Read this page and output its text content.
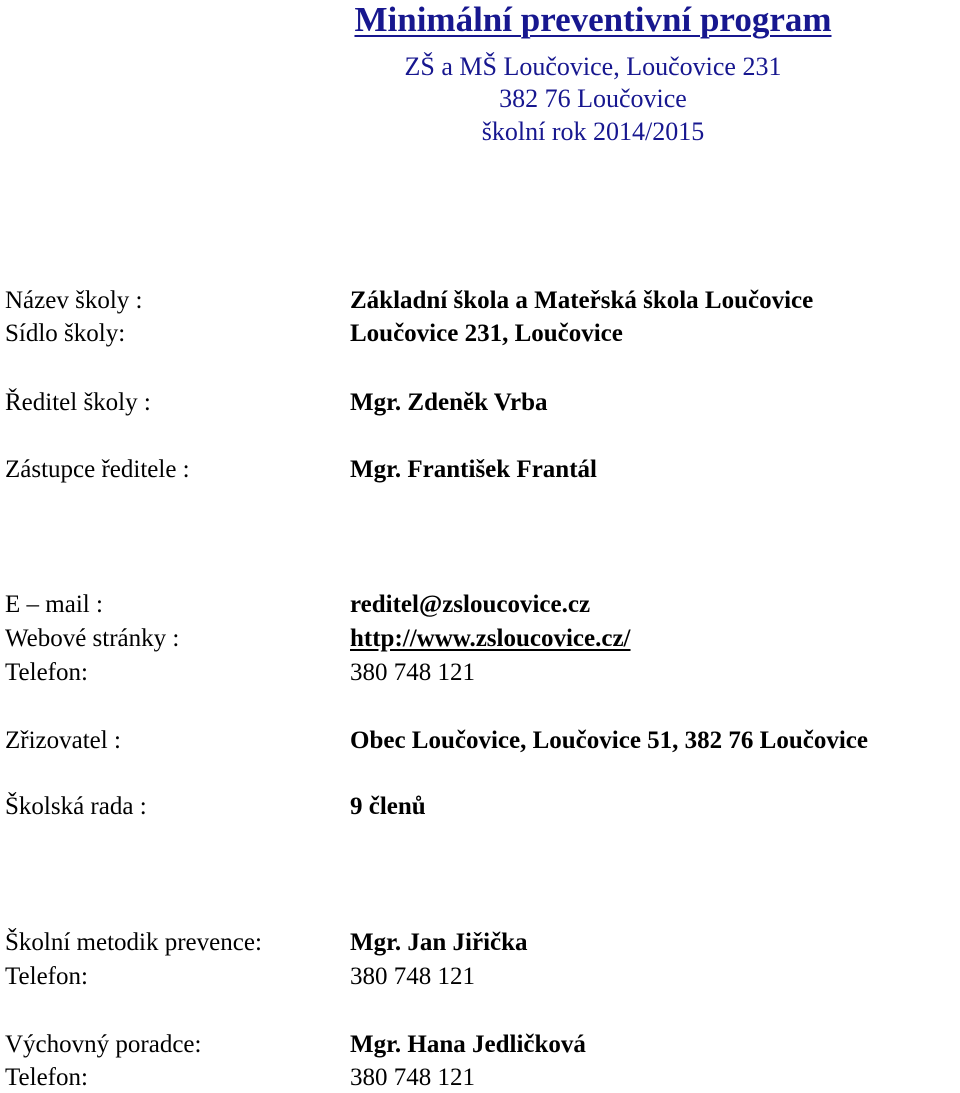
Minimální preventivní program
ZŠ a MŠ Loučovice, Loučovice 231
382 76 Loučovice
školní rok 2014/2015
Název školy :	Základní škola a Mateřská škola Loučovice
Sídlo školy:	Loučovice 231, Loučovice
Ředitel školy :	Mgr. Zdeněk Vrba
Zástupce ředitele :	Mgr. František Frantál
E – mail :	reditel@zsloucovice.cz
Webové stránky :	http://www.zsloucovice.cz/
Telefon:	380 748 121
Zřizovatel :	Obec Loučovice, Loučovice 51, 382 76 Loučovice
Školská rada :	9 členů
Školní metodik prevence:	Mgr. Jan Jiřička
Telefon:	380 748 121
Výchovný poradce:	Mgr. Hana Jedličková
Telefon:	380 748 121
